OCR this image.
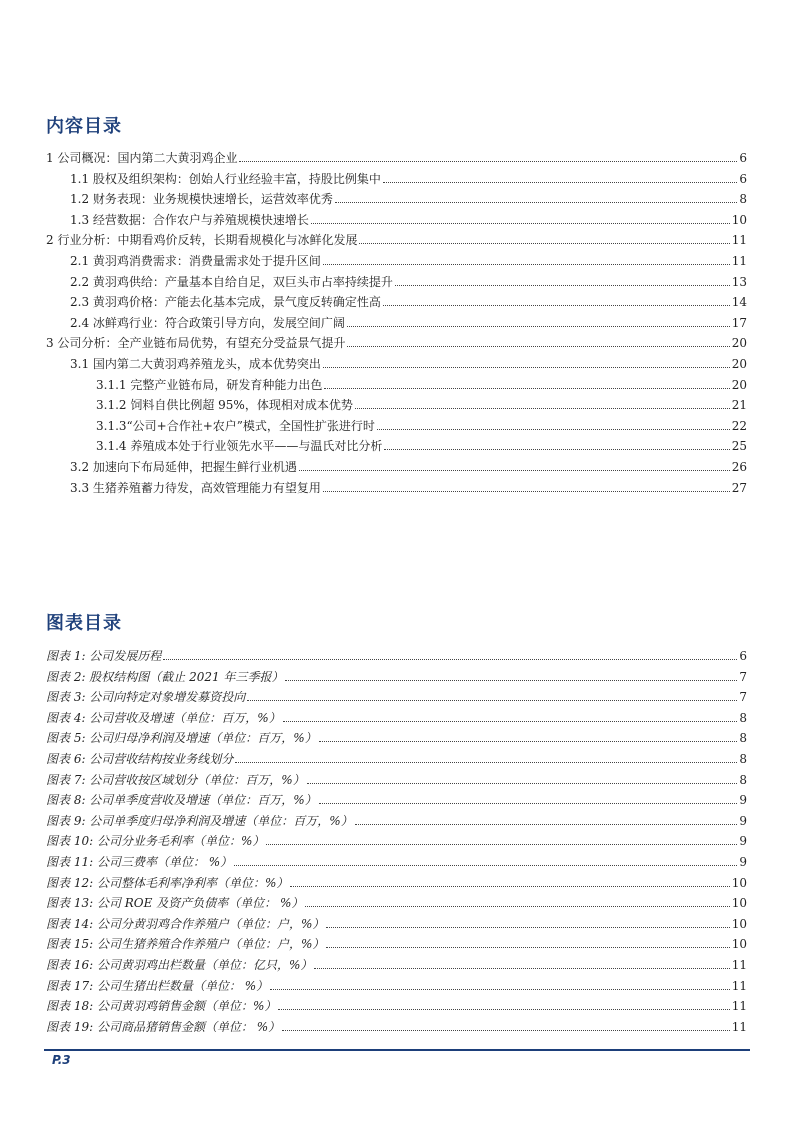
内容目录
1 公司概况：国内第二大黄羽鸡企业	6
1.1 股权及组织架构：创始人行业经验丰富，持股比例集中	6
1.2 财务表现：业务规模快速增长，运营效率优秀	8
1.3 经营数据：合作农户与养殖规模快速增长	10
2 行业分析：中期看鸡价反转，长期看规模化与冰鲜化发展	11
2.1 黄羽鸡消费需求：消费量需求处于提升区间	11
2.2 黄羽鸡供给：产量基本自给自足，双巨头市占率持续提升	13
2.3 黄羽鸡价格：产能去化基本完成，景气度反转确定性高	14
2.4 冰鲜鸡行业：符合政策引导方向，发展空间广阔	17
3 公司分析：全产业链布局优势，有望充分受益景气提升	20
3.1 国内第二大黄羽鸡养殖龙头，成本优势突出	20
3.1.1 完整产业链布局，研发育种能力出色	20
3.1.2 饲料自供比例超 95%，体现相对成本优势	21
3.1.3“公司+合作社+农户”模式，全国性扩张进行时	22
3.1.4 养殖成本处于行业领先水平——与温氏对比分析	25
3.2 加速向下布局延伸，把握生鲜行业机遇	26
3.3 生猪养殖蓄力待发，高效管理能力有望复用	27
图表目录
图表 1: 公司发展历程	6
图表 2: 股权结构图（截止 2021 年三季报）	7
图表 3: 公司向特定对象增发募资投向	7
图表 4: 公司营收及增速（单位：百万，%）	8
图表 5: 公司归母净利润及增速（单位：百万，%）	8
图表 6: 公司营收结构按业务线划分	8
图表 7: 公司营收按区域划分（单位：百万，%）	8
图表 8: 公司单季度营收及增速（单位：百万，%）	9
图表 9: 公司单季度归母净利润及增速（单位：百万，%）	9
图表 10: 公司分业务毛利率（单位：%）	9
图表 11: 公司三费率（单位： %）	9
图表 12: 公司整体毛利率净利率（单位：%）	10
图表 13: 公司 ROE 及资产负债率（单位： %）	10
图表 14: 公司分黄羽鸡合作养殖户（单位：户，%）	10
图表 15: 公司生猪养殖合作养殖户（单位：户，%）	10
图表 16: 公司黄羽鸡出栏数量（单位：亿只，%）	11
图表 17: 公司生猪出栏数量（单位： %）	11
图表 18: 公司黄羽鸡销售金额（单位：%）	11
图表 19: 公司商品猪销售金额（单位： %）	11
P.3
